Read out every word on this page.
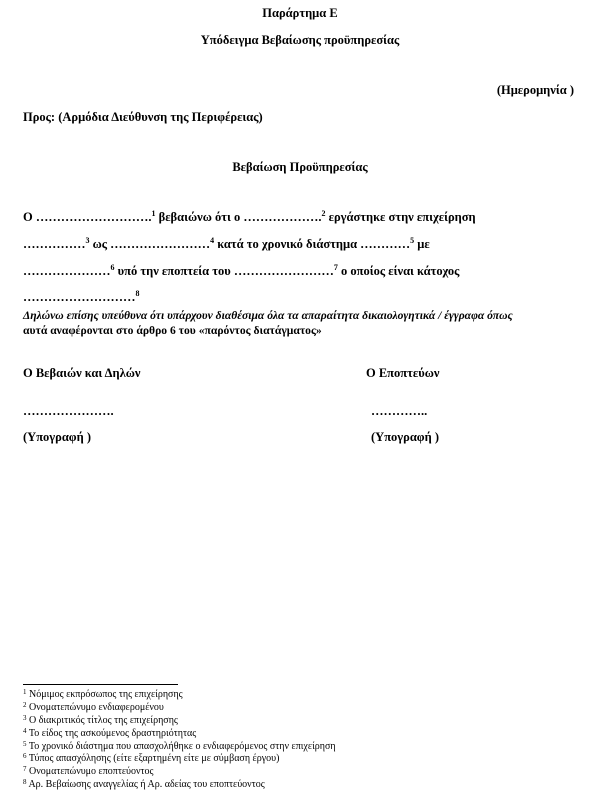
Παράρτημα Ε
Υπόδειγμα Βεβαίωσης προϋπηρεσίας
(Ημερομηνία )
Προς: (Αρμόδια Διεύθυνση της Περιφέρειας)
Βεβαίωση Προϋπηρεσίας
Ο ……………………….$^1$ βεβαιώνω ότι ο ……………….$^2$ εργάστηκε στην επιχείρηση
……………$^3$ ως ……………………$^4$ κατά το χρονικό διάστημα …………$^5$ με
…………………$^6$ υπό την εποπτεία του ……………………$^7$ ο οποίος είναι κάτοχος
………………………$^8$
Δηλώνω επίσης υπεύθυνα ότι υπάρχουν διαθέσιμα όλα τα απαραίτητα δικαιολογητικά / έγγραφα όπως
αυτά αναφέρονται στο άρθρο 6 του «παρόντος διατάγματος»
Ο Βεβαιών και Δηλών	Ο Εποπτεύων
………………….	…………..
(Υπογραφή )	(Υπογραφή )
$^1$ Νόμιμος εκπρόσωπος της επιχείρησης
$^2$ Ονοματεπώνυμο ενδιαφερομένου
$^3$ Ο διακριτικός τίτλος της επιχείρησης
$^4$ Το είδος της ασκούμενος δραστηριότητας
$^5$ Το χρονικό διάστημα που απασχολήθηκε ο ενδιαφερόμενος στην επιχείρηση
$^6$ Τύπος απασχόλησης (είτε εξαρτημένη είτε με σύμβαση έργου)
$^7$ Ονοματεπώνυμο εποπτεύοντος
$^8$ Αρ. Βεβαίωσης αναγγελίας ή Αρ. αδείας του εποπτεύοντος
